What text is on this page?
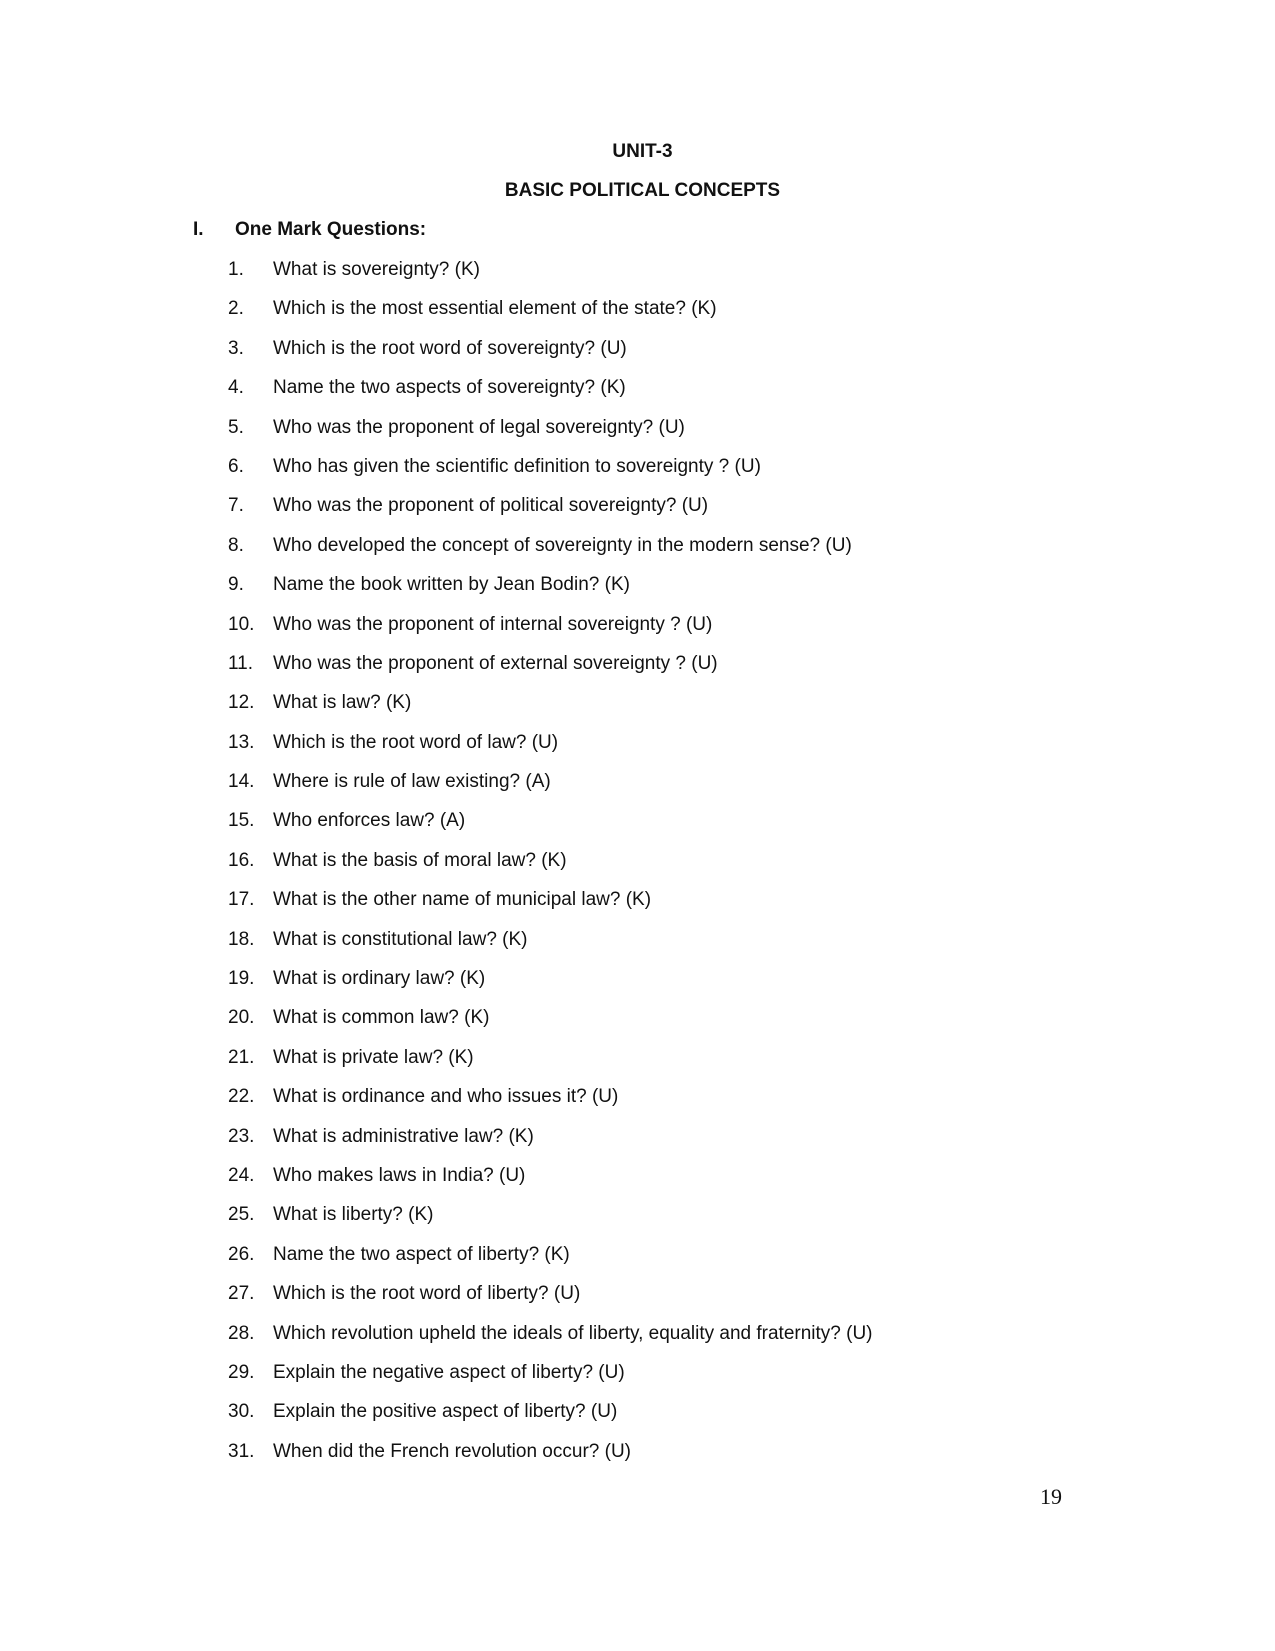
UNIT-3
BASIC POLITICAL CONCEPTS
I. One Mark Questions:
1. What is sovereignty? (K)
2. Which is the most essential element of the state? (K)
3. Which is the root word of sovereignty? (U)
4. Name the two aspects of sovereignty? (K)
5. Who was the proponent of legal sovereignty? (U)
6. Who has given the scientific definition to sovereignty ? (U)
7. Who was the proponent of political sovereignty? (U)
8. Who developed the concept of sovereignty in the modern sense? (U)
9. Name the book written by Jean Bodin? (K)
10. Who was the proponent of internal sovereignty ? (U)
11. Who was the proponent of external sovereignty ? (U)
12. What is law? (K)
13. Which is the root word of law? (U)
14. Where is rule of law existing? (A)
15. Who enforces law? (A)
16. What is the basis of moral law? (K)
17. What is the other name of municipal law? (K)
18. What is constitutional law? (K)
19. What is ordinary law? (K)
20. What is common law? (K)
21. What is private law? (K)
22. What is ordinance and who issues it? (U)
23. What is administrative law? (K)
24. Who makes laws in India? (U)
25. What is liberty? (K)
26. Name the two aspect of liberty? (K)
27. Which is the root word of liberty? (U)
28. Which revolution upheld the ideals of liberty, equality and fraternity? (U)
29. Explain the negative aspect of liberty? (U)
30. Explain the positive aspect of liberty? (U)
31. When did the French revolution occur? (U)
19
